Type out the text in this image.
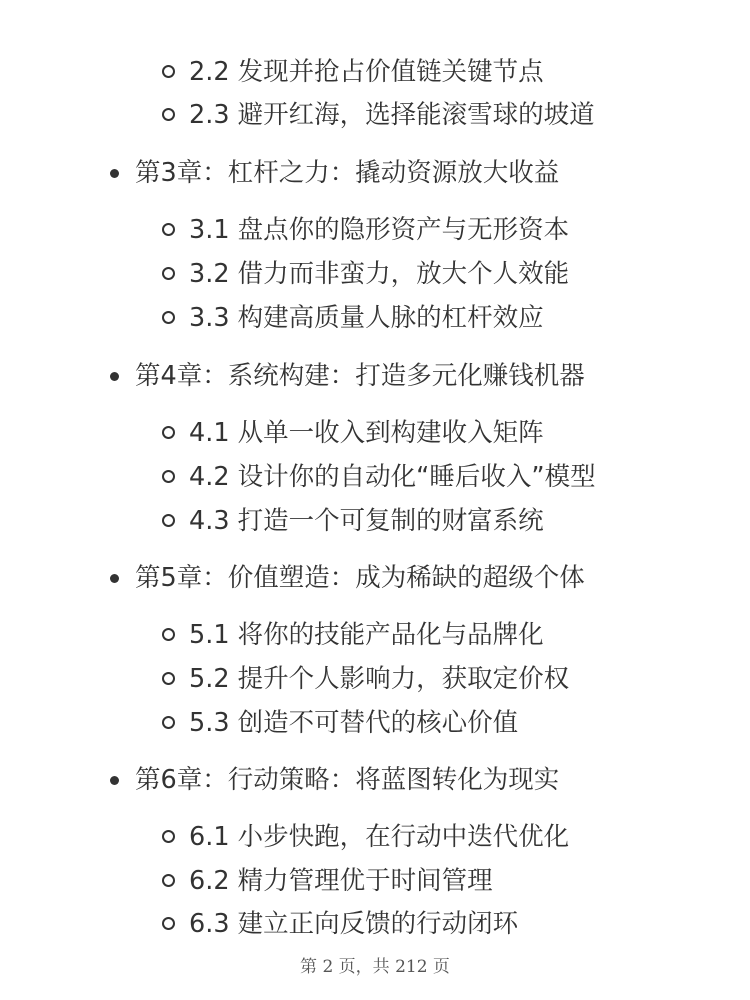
2.2 发现并抢占价值链关键节点
2.3 避开红海，选择能滚雪球的坡道
第3章：杠杆之力：撬动资源放大收益
3.1 盘点你的隐形资产与无形资本
3.2 借力而非蛮力，放大个人效能
3.3 构建高质量人脉的杠杆效应
第4章：系统构建：打造多元化赚钱机器
4.1 从单一收入到构建收入矩阵
4.2 设计你的自动化“睡后收入”模型
4.3 打造一个可复制的财富系统
第5章：价值塑造：成为稀缺的超级个体
5.1 将你的技能产品化与品牌化
5.2 提升个人影响力，获取定价权
5.3 创造不可替代的核心价值
第6章：行动策略：将蓝图转化为现实
6.1 小步快跑，在行动中迭代优化
6.2 精力管理优于时间管理
6.3 建立正向反馈的行动闭环
第 2 页，共 212 页
